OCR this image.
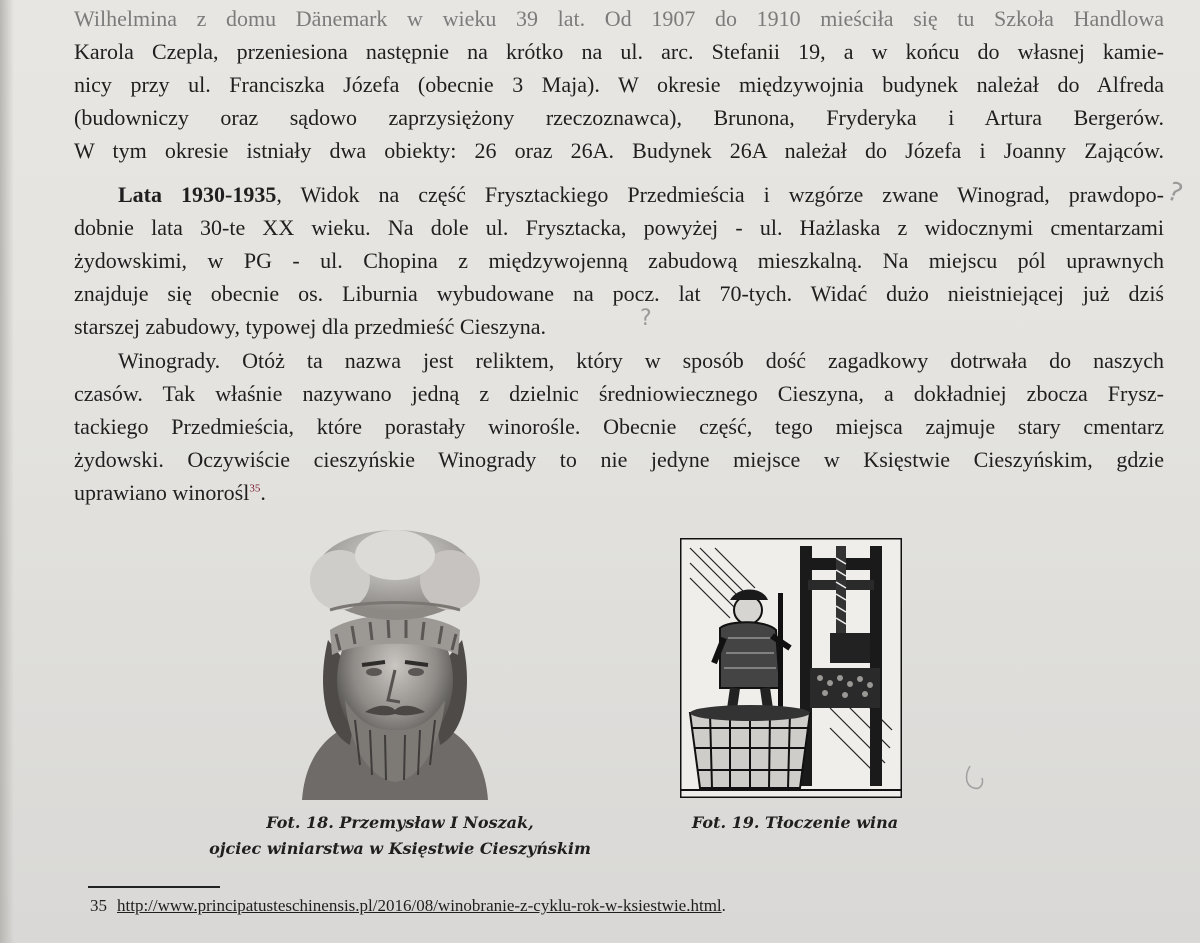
Wilhelmina z domu Dänemark w wieku 39 lat. Od 1907 do 1910 mieściła się tu Szkoła Handlowa
Karola Czepla, przeniesiona następnie na krótko na ul. arc. Stefanii 19, a w końcu do własnej kamie-
nicy przy ul. Franciszka Józefa (obecnie 3 Maja). W okresie międzywojnia budynek należał do Alfreda
(budowniczy oraz sądowo zaprzysiężony rzeczoznawca), Brunona, Fryderyka i Artura Bergerów.
W tym okresie istniały dwa obiekty: 26 oraz 26A. Budynek 26A należał do Józefa i Joanny Zająców.
Lata 1930-1935, Widok na część Frysztackiego Przedmieścia i wzgórze zwane Winograd, prawdopo-
dobnie lata 30-te XX wieku. Na dole ul. Frysztacka, powyżej - ul. Hażlaska z widocznymi cmentarzami
żydowskimi, w PG - ul. Chopina z międzywojenną zabudową mieszkalną. Na miejscu pól uprawnych
znajduje się obecnie os. Liburnia wybudowane na pocz. lat 70-tych. Widać dużo nieistniejącej już dziś
starszej zabudowy, typowej dla przedmieść Cieszyna.
Winogrady. Otóż ta nazwa jest reliktem, który w sposób dość zagadkowy dotrwała do naszych
czasów. Tak właśnie nazywano jedną z dzielnic średniowiecznego Cieszyna, a dokładniej zbocza Frysz-
tackiego Przedmieścia, które porastały winorośle. Obecnie część, tego miejsca zajmuje stary cmentarz
żydowski. Oczywiście cieszyńskie Winogrady to nie jedyne miejsce w Księstwie Cieszyńskim, gdzie
uprawiano winorośl$^{35}$.
?
?
Fot. 18. Przemysław I Noszak,
ojciec winiarstwa w Księstwie Cieszyńskim
Fot. 19. Tłoczenie wina
35 http://www.principatusteschinensis.pl/2016/08/winobranie-z-cyklu-rok-w-ksiestwie.html.
